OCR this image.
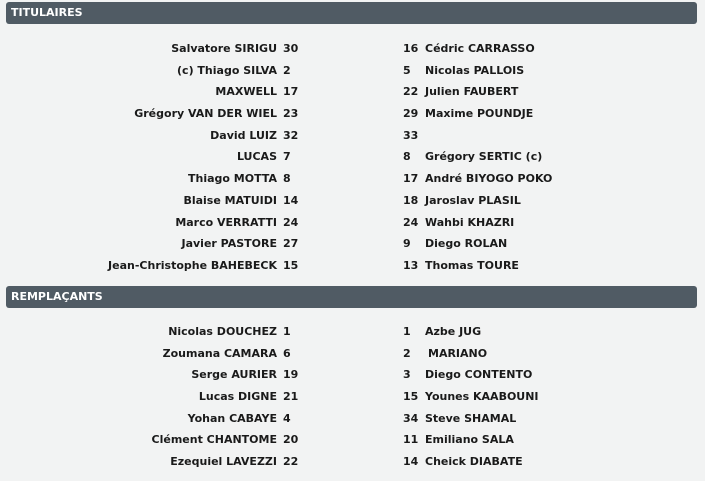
TITULAIRES
Salvatore SIRIGU 30	16 Cédric CARRASSO
(c) Thiago SILVA 2	5 Nicolas PALLOIS
MAXWELL 17	22 Julien FAUBERT
Grégory VAN DER WIEL 23	29 Maxime POUNDJE
David LUIZ 32	33
LUCAS 7	8 Grégory SERTIC (c)
Thiago MOTTA 8	17 André BIYOGO POKO
Blaise MATUIDI 14	18 Jaroslav PLASIL
Marco VERRATTI 24	24 Wahbi KHAZRI
Javier PASTORE 27	9 Diego ROLAN
Jean-Christophe BAHEBECK 15	13 Thomas TOURE
REMPLAÇANTS
Nicolas DOUCHEZ 1	1 Azbe JUG
Zoumana CAMARA 6	2 MARIANO
Serge AURIER 19	3 Diego CONTENTO
Lucas DIGNE 21	15 Younes KAABOUNI
Yohan CABAYE 4	34 Steve SHAMAL
Clément CHANTOME 20	11 Emiliano SALA
Ezequiel LAVEZZI 22	14 Cheick DIABATE
